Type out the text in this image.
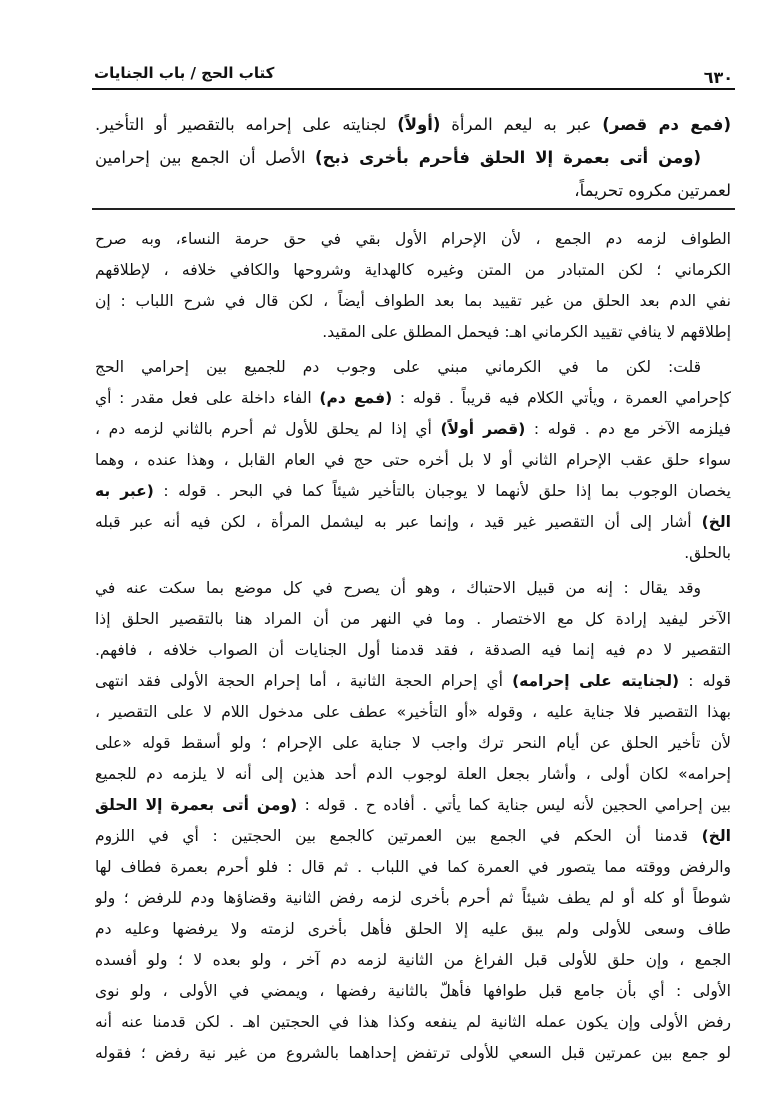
٦٣٠
كتاب الحج / باب الجنايات
(فمع دم قصر) عبر به ليعم المرأة (أولاً) لجنايته على إحرامه بالتقصير أو التأخير.
(ومن أتى بعمرة إلا الحلق فأحرم بأخرى ذبح) الأصل أن الجمع بين إحرامين
لعمرتين مكروه تحريماً،
الطواف لزمه دم الجمع ، لأن الإحرام الأول بقي في حق حرمة النساء، وبه صرح
الكرماني ؛ لكن المتبادر من المتن وغيره كالهداية وشروحها والكافي خلافه ، لإطلاقهم
نفي الدم بعد الحلق من غير تقييد بما بعد الطواف أيضاً ، لكن قال في شرح اللباب : إن
إطلاقهم لا ينافي تقييد الكرماني اهـ: فيحمل المطلق على المقيد.
قلت: لكن ما في الكرماني مبني على وجوب دم للجميع بين إحرامي الحج
كإحرامي العمرة ، ويأتي الكلام فيه قريباً . قوله : (فمع دم) الفاء داخلة على فعل مقدر : أي
فيلزمه الآخر مع دم . قوله : (قصر أولاً) أي إذا لم يحلق للأول ثم أحرم بالثاني لزمه دم ،
سواء حلق عقب الإحرام الثاني أو لا بل أخره حتى حج في العام القابل ، وهذا عنده ، وهما
يخصان الوجوب بما إذا حلق لأنهما لا يوجبان بالتأخير شيئاً كما في البحر . قوله : (عبر به
الخ) أشار إلى أن التقصير غير قيد ، وإنما عبر به ليشمل المرأة ، لكن فيه أنه عبر قبله
بالحلق.
وقد يقال : إنه من قبيل الاحتباك ، وهو أن يصرح في كل موضع بما سكت عنه في
الآخر ليفيد إرادة كل مع الاختصار . وما في النهر من أن المراد هنا بالتقصير الحلق إذا
التقصير لا دم فيه إنما فيه الصدقة ، فقد قدمنا أول الجنايات أن الصواب خلافه ، فافهم.
قوله : (لجنايته على إحرامه) أي إحرام الحجة الثانية ، أما إحرام الحجة الأولى فقد انتهى
بهذا التقصير فلا جناية عليه ، وقوله «أو التأخير» عطف على مدخول اللام لا على التقصير ،
لأن تأخير الحلق عن أيام النحر ترك واجب لا جناية على الإحرام ؛ ولو أسقط قوله «على
إحرامه» لكان أولى ، وأشار بجعل العلة لوجوب الدم أحد هذين إلى أنه لا يلزمه دم للجميع
بين إحرامي الحجين لأنه ليس جناية كما يأتي . أفاده ح . قوله : (ومن أتى بعمرة إلا الحلق
الخ) قدمنا أن الحكم في الجمع بين العمرتين كالجمع بين الحجتين : أي في اللزوم
والرفض ووقته مما يتصور في العمرة كما في اللباب . ثم قال : فلو أحرم بعمرة فطاف لها
شوطاً أو كله أو لم يطف شيئاً ثم أحرم بأخرى لزمه رفض الثانية وقضاؤها ودم للرفض ؛ ولو
طاف وسعى للأولى ولم يبق عليه إلا الحلق فأهل بأخرى لزمته ولا يرفضها وعليه دم
الجمع ، وإن حلق للأولى قبل الفراغ من الثانية لزمه دم آخر ، ولو بعده لا ؛ ولو أفسده
الأولى : أي بأن جامع قبل طوافها فأهلّ بالثانية رفضها ، ويمضي في الأولى ، ولو نوى
رفض الأولى وإن يكون عمله الثانية لم ينفعه وكذا هذا في الحجتين اهـ . لكن قدمنا عنه أنه
لو جمع بين عمرتين قبل السعي للأولى ترتفض إحداهما بالشروع من غير نية رفض ؛ فقوله
